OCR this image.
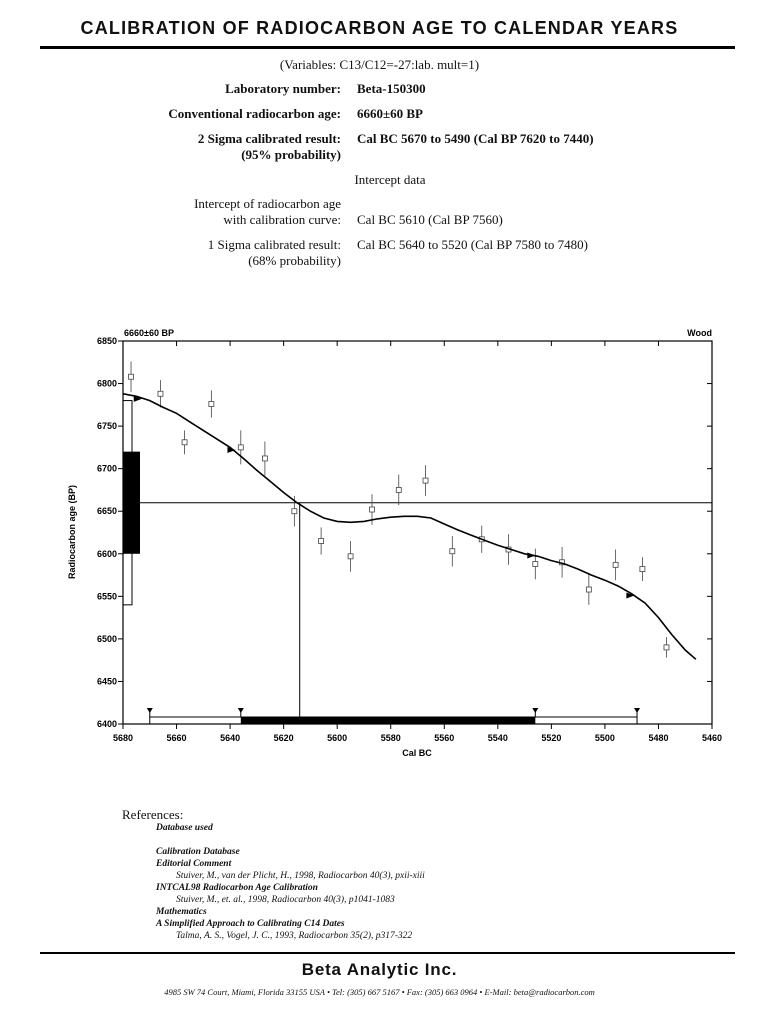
CALIBRATION OF RADIOCARBON AGE TO CALENDAR YEARS
(Variables: C13/C12=-27:lab. mult=1)
Laboratory number: Beta-150300
Conventional radiocarbon age: 6660±60 BP
2 Sigma calibrated result: Cal BC 5670 to 5490 (Cal BP 7620 to 7440)
(95% probability)
Intercept data
Intercept of radiocarbon age
with calibration curve: Cal BC 5610 (Cal BP 7560)
1 Sigma calibrated result: Cal BC 5640 to 5520 (Cal BP 7580 to 7480)
(68% probability)
6400
6450
6500
6550
6600
6650
6700
6750
6800
6850
5680	5660	5640	5620	5600	5580	5560	5540	5520	5500	5480	5460
6660±60 BP	Wood
Cal BC
Radiocarbon age (BP)
References:
Database used
Calibration Database
Editorial Comment
Stuiver, M., van der Plicht, H., 1998, Radiocarbon 40(3), pxii-xiii
INTCAL98 Radiocarbon Age Calibration
Stuiver, M., et. al., 1998, Radiocarbon 40(3), p1041-1083
Mathematics
A Simplified Approach to Calibrating C14 Dates
Talma, A. S., Vogel, J. C., 1993, Radiocarbon 35(2), p317-322
Beta Analytic Inc.
4985 SW 74 Court, Miami, Florida 33155 USA • Tel: (305) 667 5167 • Fax: (305) 663 0964 • E-Mail: beta@radiocarbon.com
